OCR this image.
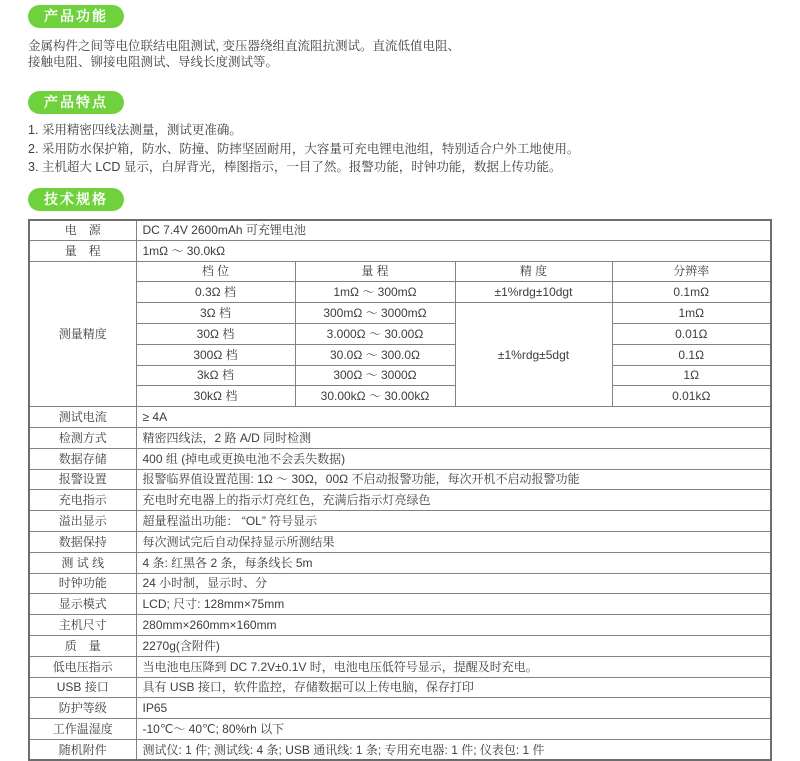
产品功能
金属构件之间等电位联结电阻测试, 变压器绕组直流阻抗测试。直流低值电阻、
接触电阻、铆接电阻测试、导线长度测试等。
产品特点
1. 采用精密四线法测量，测试更准确。
2. 采用防水保护箱，防水、防撞、防摔坚固耐用，大容量可充电锂电池组，特别适合户外工地使用。
3. 主机超大 LCD 显示，白屏背光，棒图指示，一目了然。报警功能，时钟功能，数据上传功能。
技术规格
电　源	DC 7.4V 2600mAh 可充锂电池			
量　程	1mΩ ～ 30.0kΩ			
测量精度	档 位	量 程	精 度	分辨率
	0.3Ω 档	1mΩ ～ 300mΩ	±1%rdg±10dgt	0.1mΩ
	3Ω 档	300mΩ ～ 3000mΩ	±1%rdg±5dgt	1mΩ
	30Ω 档	3.000Ω ～ 30.00Ω		0.01Ω
	300Ω 档	30.0Ω ～ 300.0Ω		0.1Ω
	3kΩ 档	300Ω ～ 3000Ω		1Ω
	30kΩ 档	30.00kΩ ～ 30.00kΩ		0.01kΩ
测试电流	≥ 4A			
检测方式	精密四线法，2 路 A/D 同时检测			
数据存储	400 组 (掉电或更换电池不会丢失数据)			
报警设置	报警临界值设置范围: 1Ω ～ 30Ω，00Ω 不启动报警功能，每次开机不启动报警功能			
充电指示	充电时充电器上的指示灯亮红色，充满后指示灯亮绿色			
溢出显示	超量程溢出功能： “OL” 符号显示			
数据保持	每次测试完后自动保持显示所测结果			
测 试 线	4 条: 红黑各 2 条，每条线长 5m			
时钟功能	24 小时制，显示时、分			
显示模式	LCD; 尺寸: 128mm×75mm			
主机尺寸	280mm×260mm×160mm			
质　量	2270g(含附件)			
低电压指示	当电池电压降到 DC 7.2V±0.1V 时，电池电压低符号显示，提醒及时充电。			
USB 接口	具有 USB 接口，软件监控，存储数据可以上传电脑，保存打印			
防护等级	IP65			
工作温湿度	-10℃～ 40℃; 80%rh 以下			
随机附件	测试仪: 1 件; 测试线: 4 条; USB 通讯线: 1 条; 专用充电器: 1 件; 仪表包: 1 件			
